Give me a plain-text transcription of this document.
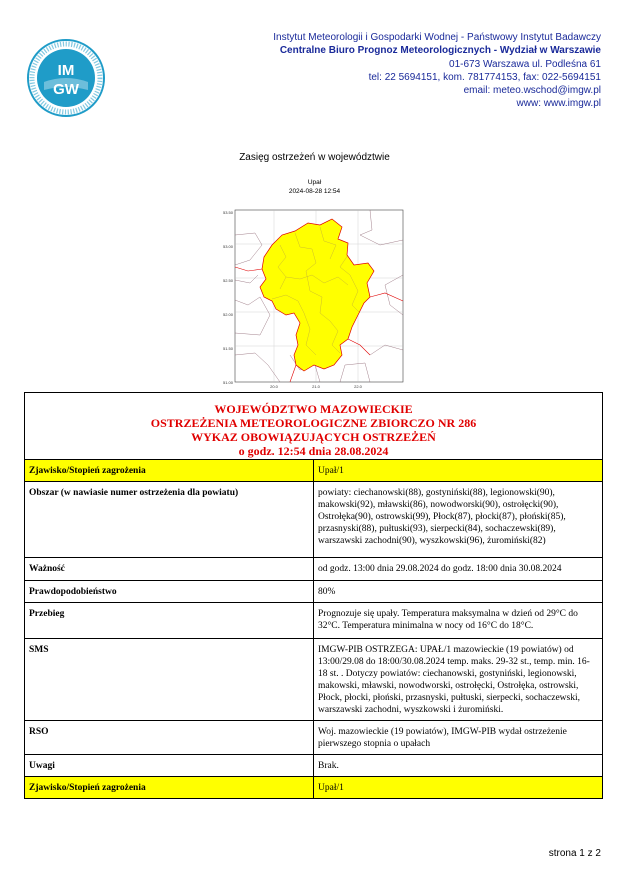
IM
GW
Instytut Meteorologii i Gospodarki Wodnej - Państwowy Instytut Badawczy
Centralne Biuro Prognoz Meteorologicznych - Wydział w Warszawie
01-673 Warszawa ul. Podleśna 61
tel: 22 5694151, kom. 781774153, fax: 022-5694151
email: meteo.wschod@imgw.pl
www: www.imgw.pl
Zasięg ostrzeżeń w województwie
Upał
2024-08-28 12:54
53.50
53.00
52.50
52.00
51.50
51.00
20.0	21.0	22.0
WOJEWÓDZTWO MAZOWIECKIE
OSTRZEŻENIA METEOROLOGICZNE ZBIORCZO NR 286
WYKAZ OBOWIĄZUJĄCYCH OSTRZEŻEŃ
o godz. 12:54 dnia 28.08.2024	

Zjawisko/Stopień zagrożenia	Upał/1
Obszar (w nawiasie numer ostrzeżenia dla powiatu)	powiaty: ciechanowski(88), gostyniński(88), legionowski(90), makowski(92), mławski(86), nowodworski(90), ostrołęcki(90), Ostrołęka(90), ostrowski(99), Płock(87), płocki(87), płoński(85), przasnyski(88), pułtuski(93), sierpecki(84), sochaczewski(89), warszawski zachodni(90), wyszkowski(96), żuromiński(82)
Ważność	od godz. 13:00 dnia 29.08.2024 do godz. 18:00 dnia 30.08.2024
Prawdopodobieństwo	80%
Przebieg	Prognozuje się upały. Temperatura maksymalna w dzień od 29°C do 32°C. Temperatura minimalna w nocy od 16°C do 18°C.
SMS	IMGW-PIB OSTRZEGA: UPAŁ/1 mazowieckie (19 powiatów) od 13:00/29.08 do 18:00/30.08.2024 temp. maks. 29-32 st., temp. min. 16-18 st. . Dotyczy powiatów: ciechanowski, gostyniński, legionowski, makowski, mławski, nowodworski, ostrołęcki, Ostrołęka, ostrowski, Płock, płocki, płoński, przasnyski, pułtuski, sierpecki, sochaczewski, warszawski zachodni, wyszkowski i żuromiński.
RSO	Woj. mazowieckie (19 powiatów), IMGW-PIB wydał ostrzeżenie pierwszego stopnia o upałach
Uwagi	Brak.
Zjawisko/Stopień zagrożenia	Upał/1
strona 1 z 2
